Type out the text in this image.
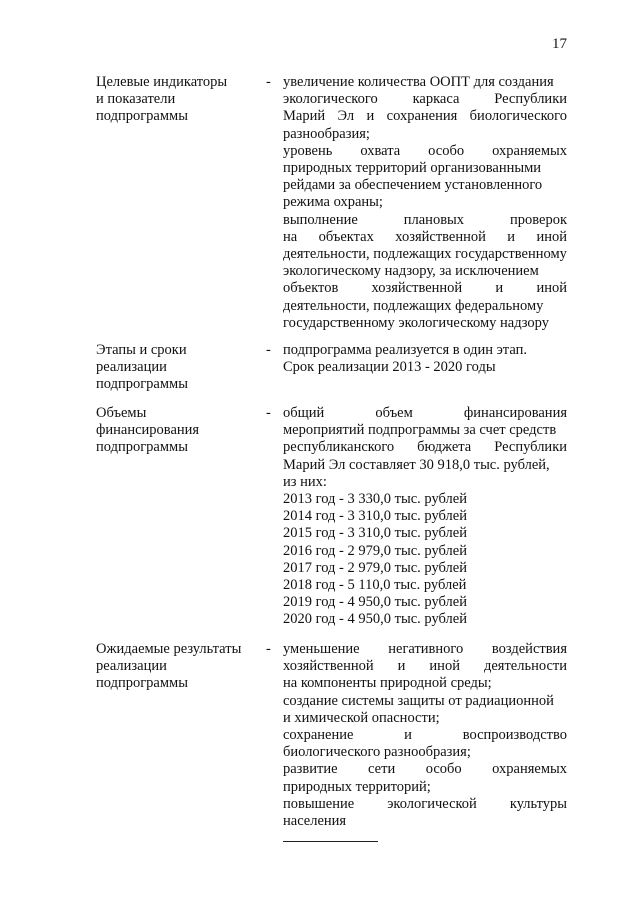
17
Целевые индикаторы
и показатели
подпрограммы
- увеличение количества ООПТ для создания
экологического каркаса Республики
Марий Эл и сохранения биологического
разнообразия;
уровень охвата особо охраняемых
природных территорий организованными
рейдами за обеспечением установленного
режима охраны;
выполнение плановых проверок
на объектах хозяйственной и иной
деятельности, подлежащих государственному
экологическому надзору, за исключением
объектов хозяйственной и иной
деятельности, подлежащих федеральному
государственному экологическому надзору
Этапы и сроки
реализации
подпрограммы
- подпрограмма реализуется в один этап.
Срок реализации 2013 - 2020 годы
Объемы
финансирования
подпрограммы
- общий объем финансирования
мероприятий подпрограммы за счет средств
республиканского бюджета Республики
Марий Эл составляет 30 918,0 тыс. рублей,
из них:
2013 год - 3 330,0 тыс. рублей
2014 год - 3 310,0 тыс. рублей
2015 год - 3 310,0 тыс. рублей
2016 год - 2 979,0 тыс. рублей
2017 год - 2 979,0 тыс. рублей
2018 год - 5 110,0 тыс. рублей
2019 год - 4 950,0 тыс. рублей
2020 год - 4 950,0 тыс. рублей
Ожидаемые результаты
реализации
подпрограммы
- уменьшение негативного воздействия
хозяйственной и иной деятельности
на компоненты природной среды;
создание системы защиты от радиационной
и химической опасности;
сохранение и воспроизводство
биологического разнообразия;
развитие сети особо охраняемых
природных территорий;
повышение экологической культуры
населения
